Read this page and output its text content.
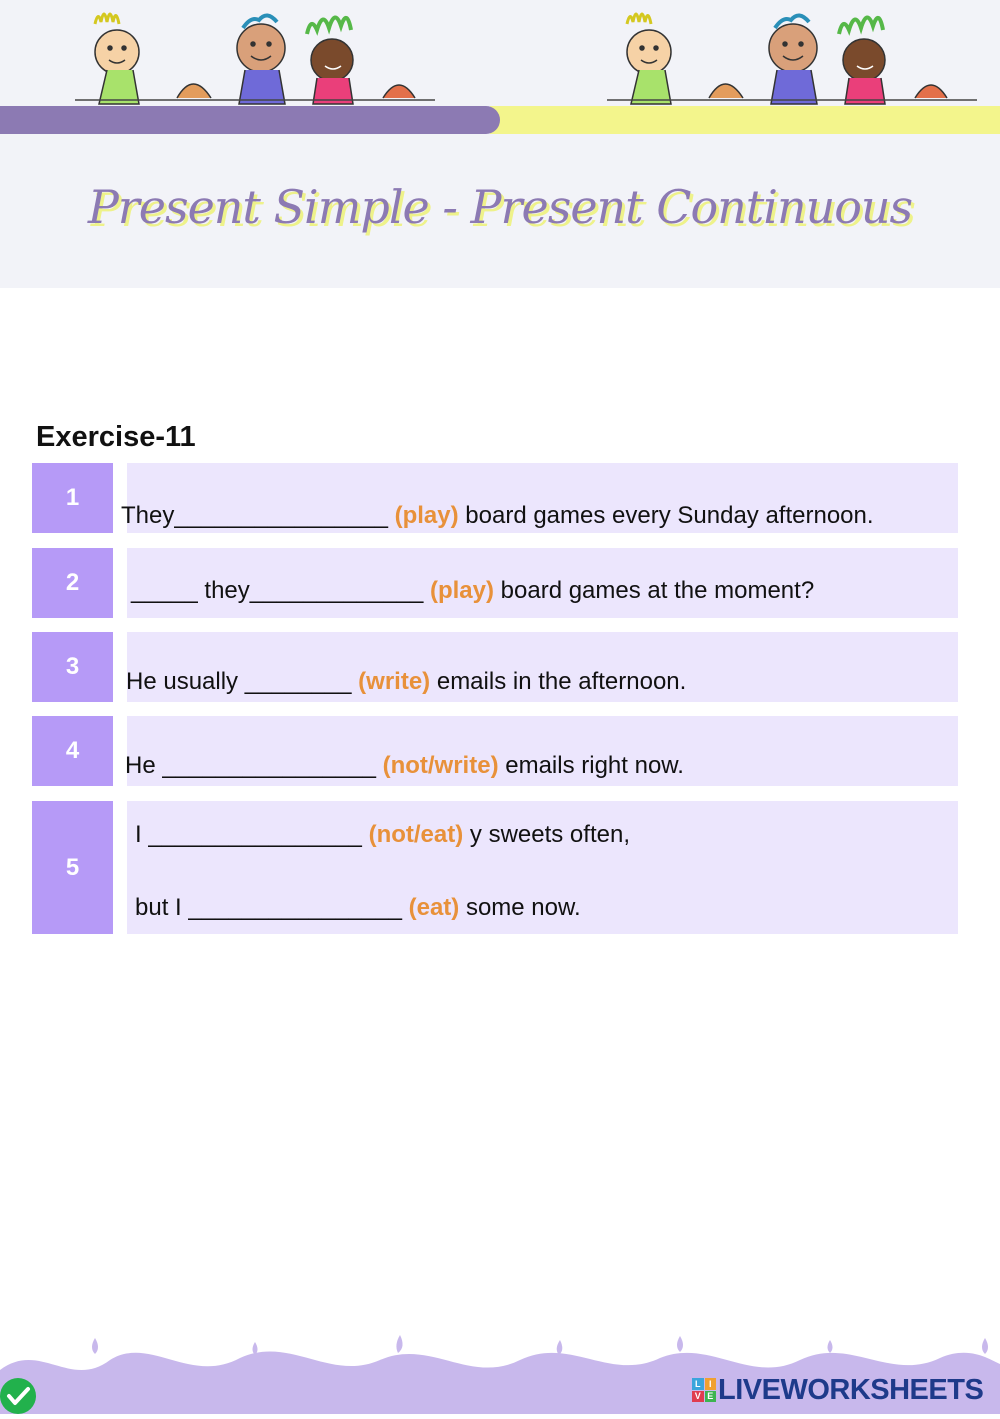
Present Simple - Present Continuous
Exercise-11
1
They________________ (play) board games every Sunday afternoon.
2	_____ they_____________ (play) board games at the moment?
3
He usually ________ (write) emails in the afternoon.
4
He ________________ (not/write) emails right now.
5
I ________________ (not/eat) y sweets often,
but I ________________ (eat) some now.
L I
V E LIVEWORKSHEETS
